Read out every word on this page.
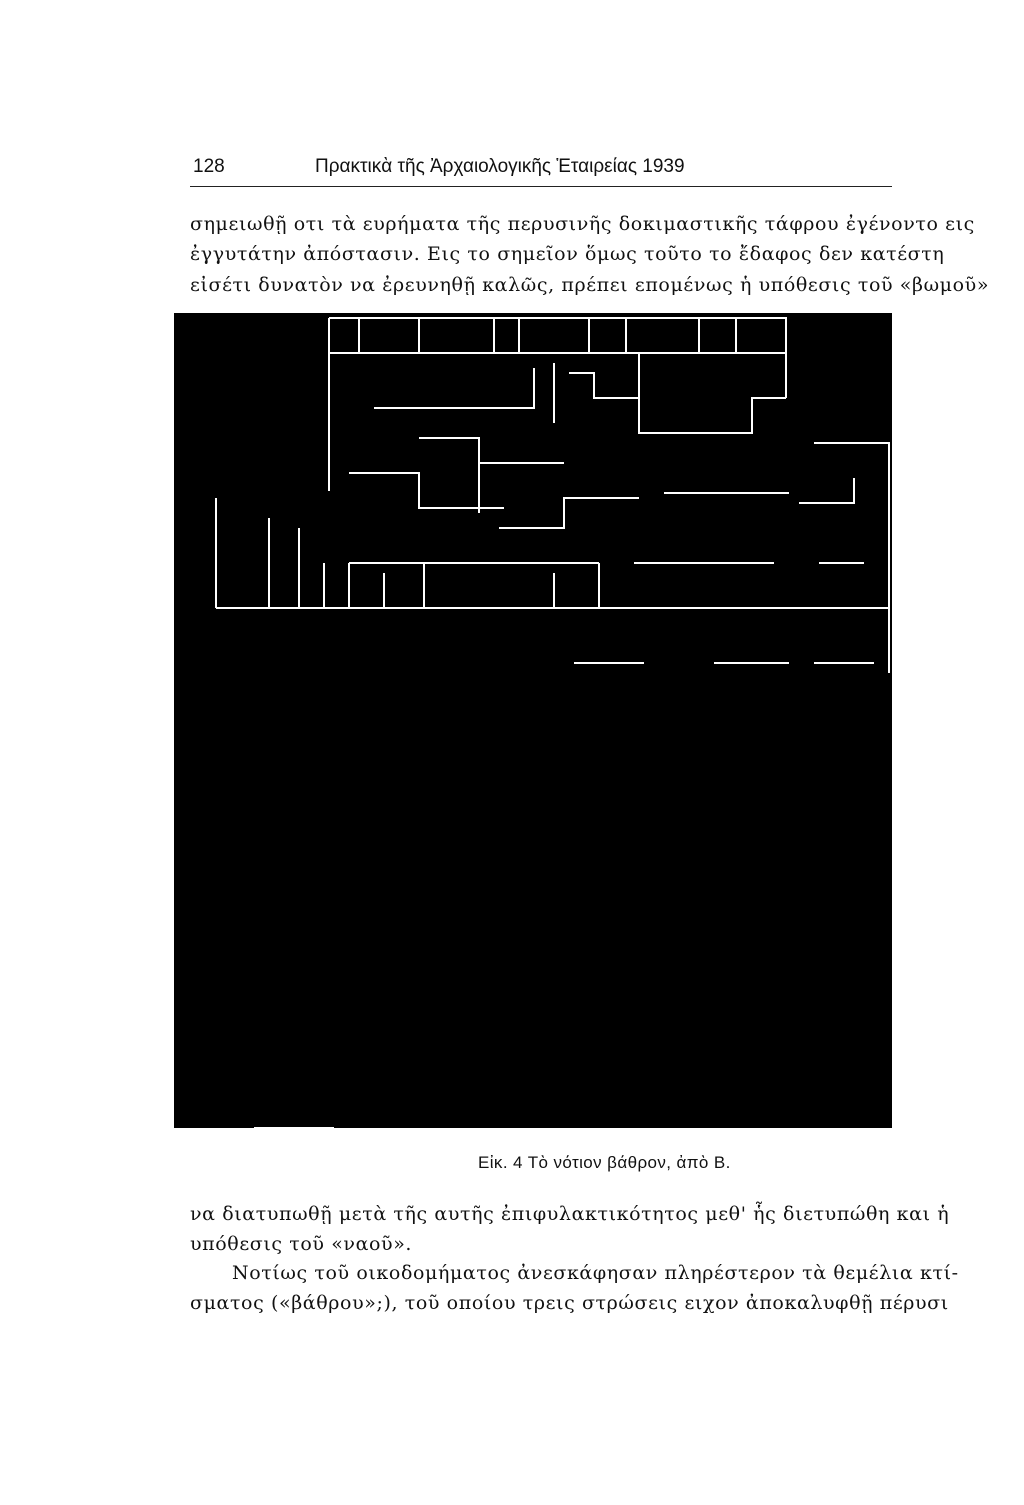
128	Πρακτικὰ τῆς Ἀρχαιολογικῆς Ἑταιρείας 1939
σημειωθῇ οτι τὰ ευρήματα τῆς περυσινῆς δοκιμαστικῆς τάφρου ἐγένοντο εις
ἐγγυτάτην ἀπόστασιν. Εις το σημεῖον ὅμως τοῦτο το ἔδαφος δεν κατέστη
εἰσέτι δυνατὸν να ἐρευνηθῇ καλῶς, πρέπει επομένως ἡ υπόθεσις τοῦ «βωμοῦ»
Εἰκ. 4 Τὸ νότιον βάθρον, ἀπὸ Β.
να διατυπωθῇ μετὰ τῆς αυτῆς ἐπιφυλακτικότητος μεθ' ἧς διετυπώθη και ἡ
υπόθεσις τοῦ «ναοῦ».
Νοτίως τοῦ οικοδομήματος ἀνεσκάφησαν πληρέστερον τὰ θεμέλια κτί-
σματος («βάθρου»;), τοῦ οποίου τρεις στρώσεις ειχον ἀποκαλυφθῇ πέρυσι
